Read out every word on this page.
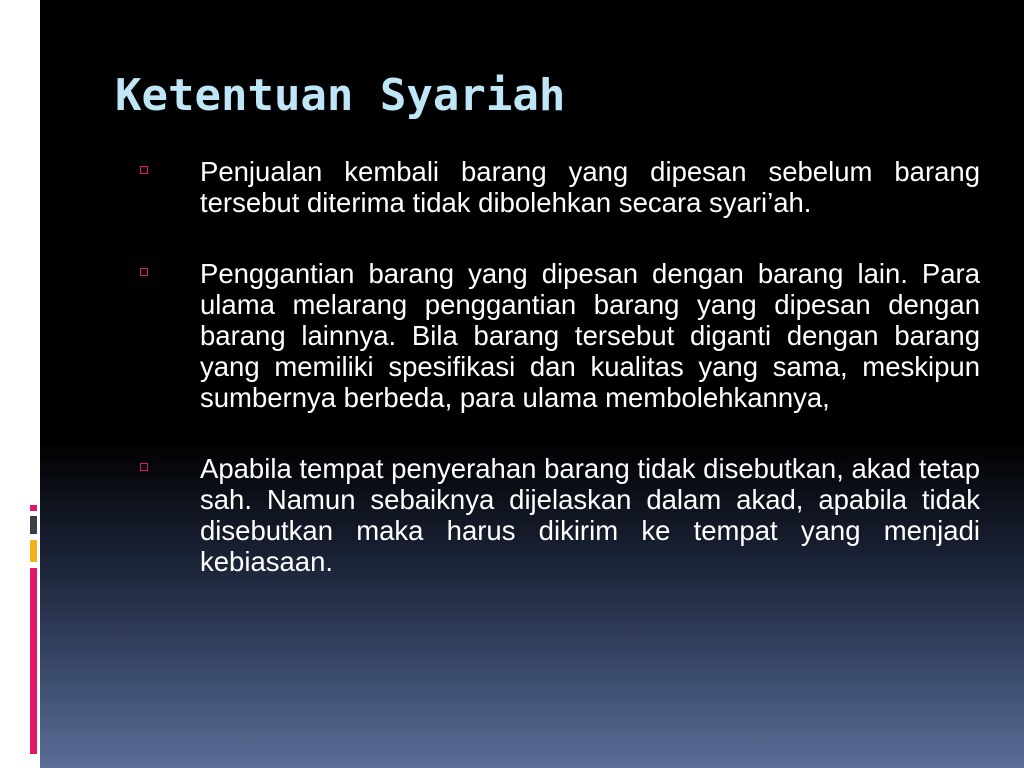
Ketentuan Syariah
Penjualan kembali barang yang dipesan sebelum barang tersebut diterima tidak dibolehkan secara syari’ah.
Penggantian barang yang dipesan dengan barang lain. Para ulama melarang penggantian barang yang dipesan dengan barang lainnya. Bila barang tersebut diganti dengan barang yang memiliki spesifikasi dan kualitas yang sama, meskipun sumbernya berbeda, para ulama membolehkannya,
Apabila tempat penyerahan barang tidak disebutkan, akad tetap sah. Namun sebaiknya dijelaskan dalam akad, apabila tidak disebutkan maka harus dikirim ke tempat yang menjadi kebiasaan.
